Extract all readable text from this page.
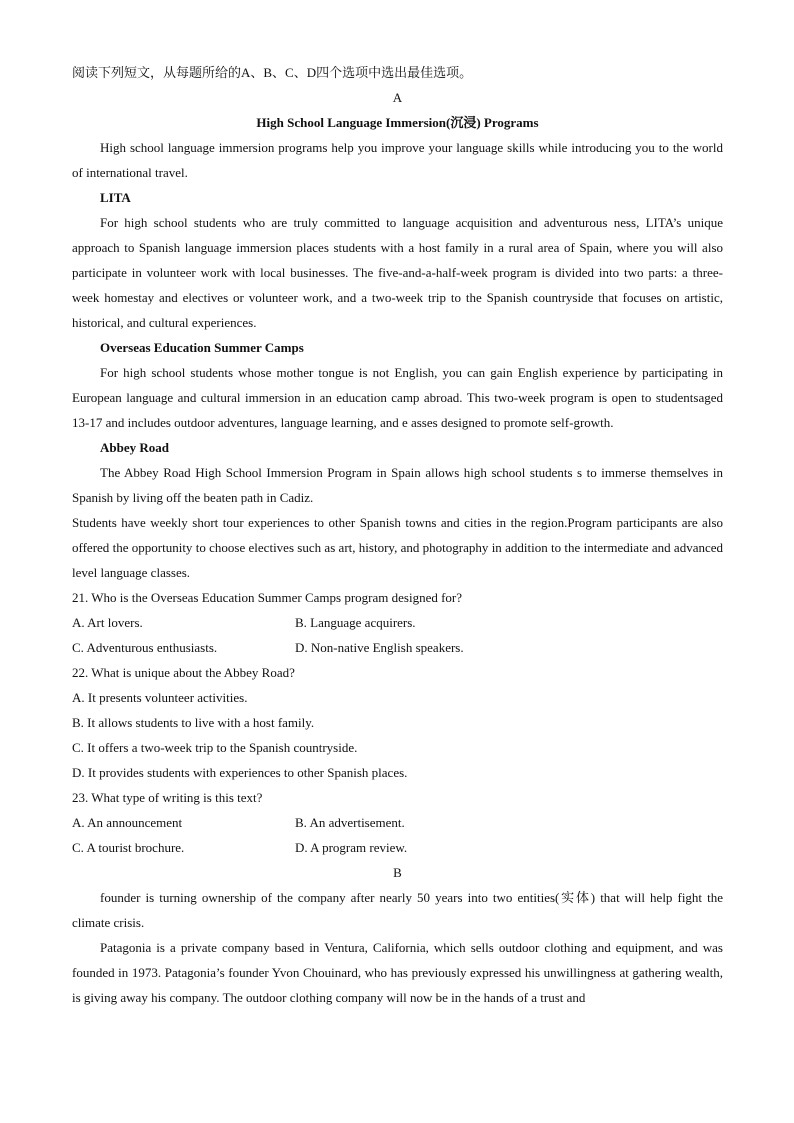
阅读下列短文，从每题所给的A、B、C、D四个选项中选出最佳选项。
A
High School Language Immersion(沉浸) Programs

High school language immersion programs help you improve your language skills while introducing you to the world of international travel.

LITA

For high school students who are truly committed to language acquisition and adventurous ness, LITA’s unique approach to Spanish language immersion places students with a host family in a rural area of Spain, where you will also participate in volunteer work with local businesses. The five-and-a-half-week program is divided into two parts: a three-week homestay and electives or volunteer work, and a two-week trip to the Spanish countryside that focuses on artistic, historical, and cultural experiences.

Overseas Education Summer Camps

For high school students whose mother tongue is not English, you can gain English experience by participating in European language and cultural immersion in an education camp abroad. This two-week program is open to studentsaged 13-17 and includes outdoor adventures, language learning, and e asses designed to promote self-growth.

Abbey Road

The Abbey Road High School Immersion Program in Spain allows high school students s to immerse themselves in Spanish by living off the beaten path in Cadiz.

Students have weekly short tour experiences to other Spanish towns and cities in the region.Program participants are also offered the opportunity to choose electives such as art, history, and photography in addition to the intermediate and advanced level language classes.

21. Who is the Overseas Education Summer Camps program designed for?
A. Art lovers.	B. Language acquirers.
C. Adventurous enthusiasts.	D. Non-native English speakers.
22. What is unique about the Abbey Road?
A. It presents volunteer activities.
B. It allows students to live with a host family.
C. It offers a two-week trip to the Spanish countryside.
D. It provides students with experiences to other Spanish places.
23. What type of writing is this text?
A. An announcement	B. An advertisement.
C. A tourist brochure.	D. A program review.
B

founder is turning ownership of the company after nearly 50 years into two entities(实体) that will help fight the climate crisis.

Patagonia is a private company based in Ventura, California, which sells outdoor clothing and equipment, and was founded in 1973. Patagonia’s founder Yvon Chouinard, who has previously expressed his unwillingness at gathering wealth, is giving away his company. The outdoor clothing company will now be in the hands of a trust and
